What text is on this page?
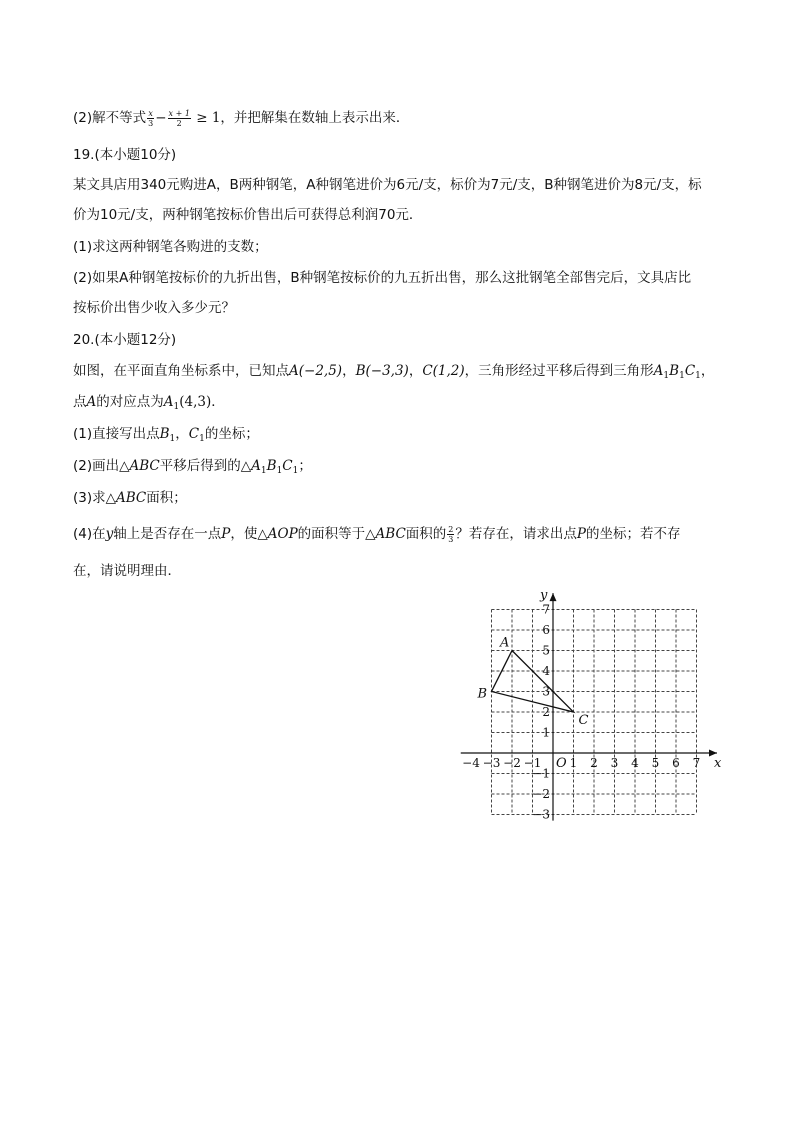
(2)解不等式 $\frac{x}{3} - \frac{x + 1}{2} \ge 1$，并把解集在数轴上表示出来．
19.(本小题10分)
某文具店用340元购进A，B两种钢笔，A种钢笔进价为6元/支，标价为7元/支，B种钢笔进价为8元/支，标
价为10元/支，两种钢笔按标价售出后可获得总利润70元．
(1)求这两种钢笔各购进的支数；
(2)如果A种钢笔按标价的九折出售，B种钢笔按标价的九五折出售，那么这批钢笔全部售完后，文具店比
按标价出售少收入多少元？
20.(本小题12分)
如图，在平面直角坐标系中，已知点A(−2,5)，B(−3,3)，C(1,2)，三角形经过平移后得到三角形$A_1B_1C_1$，
点A的对应点为$A_1(4,3)$．
(1)直接写出点$B_1$，$C_1$的坐标；
(2)画出△ABC平移后得到的$\triangle A_1B_1C_1$；
(3)求△ABC面积；
(4)在y轴上是否存在一点P，使△AOP的面积等于△ABC面积的 $\frac{2}{3}$ ？若存在，请求出点P的坐标；若不存
在，请说明理由．
x
y
O
−4 −3 −2 −1 1 2 3 4 5 6 7
7
6
5
4
3
2
1
−1
−2
−3
A
B
C
